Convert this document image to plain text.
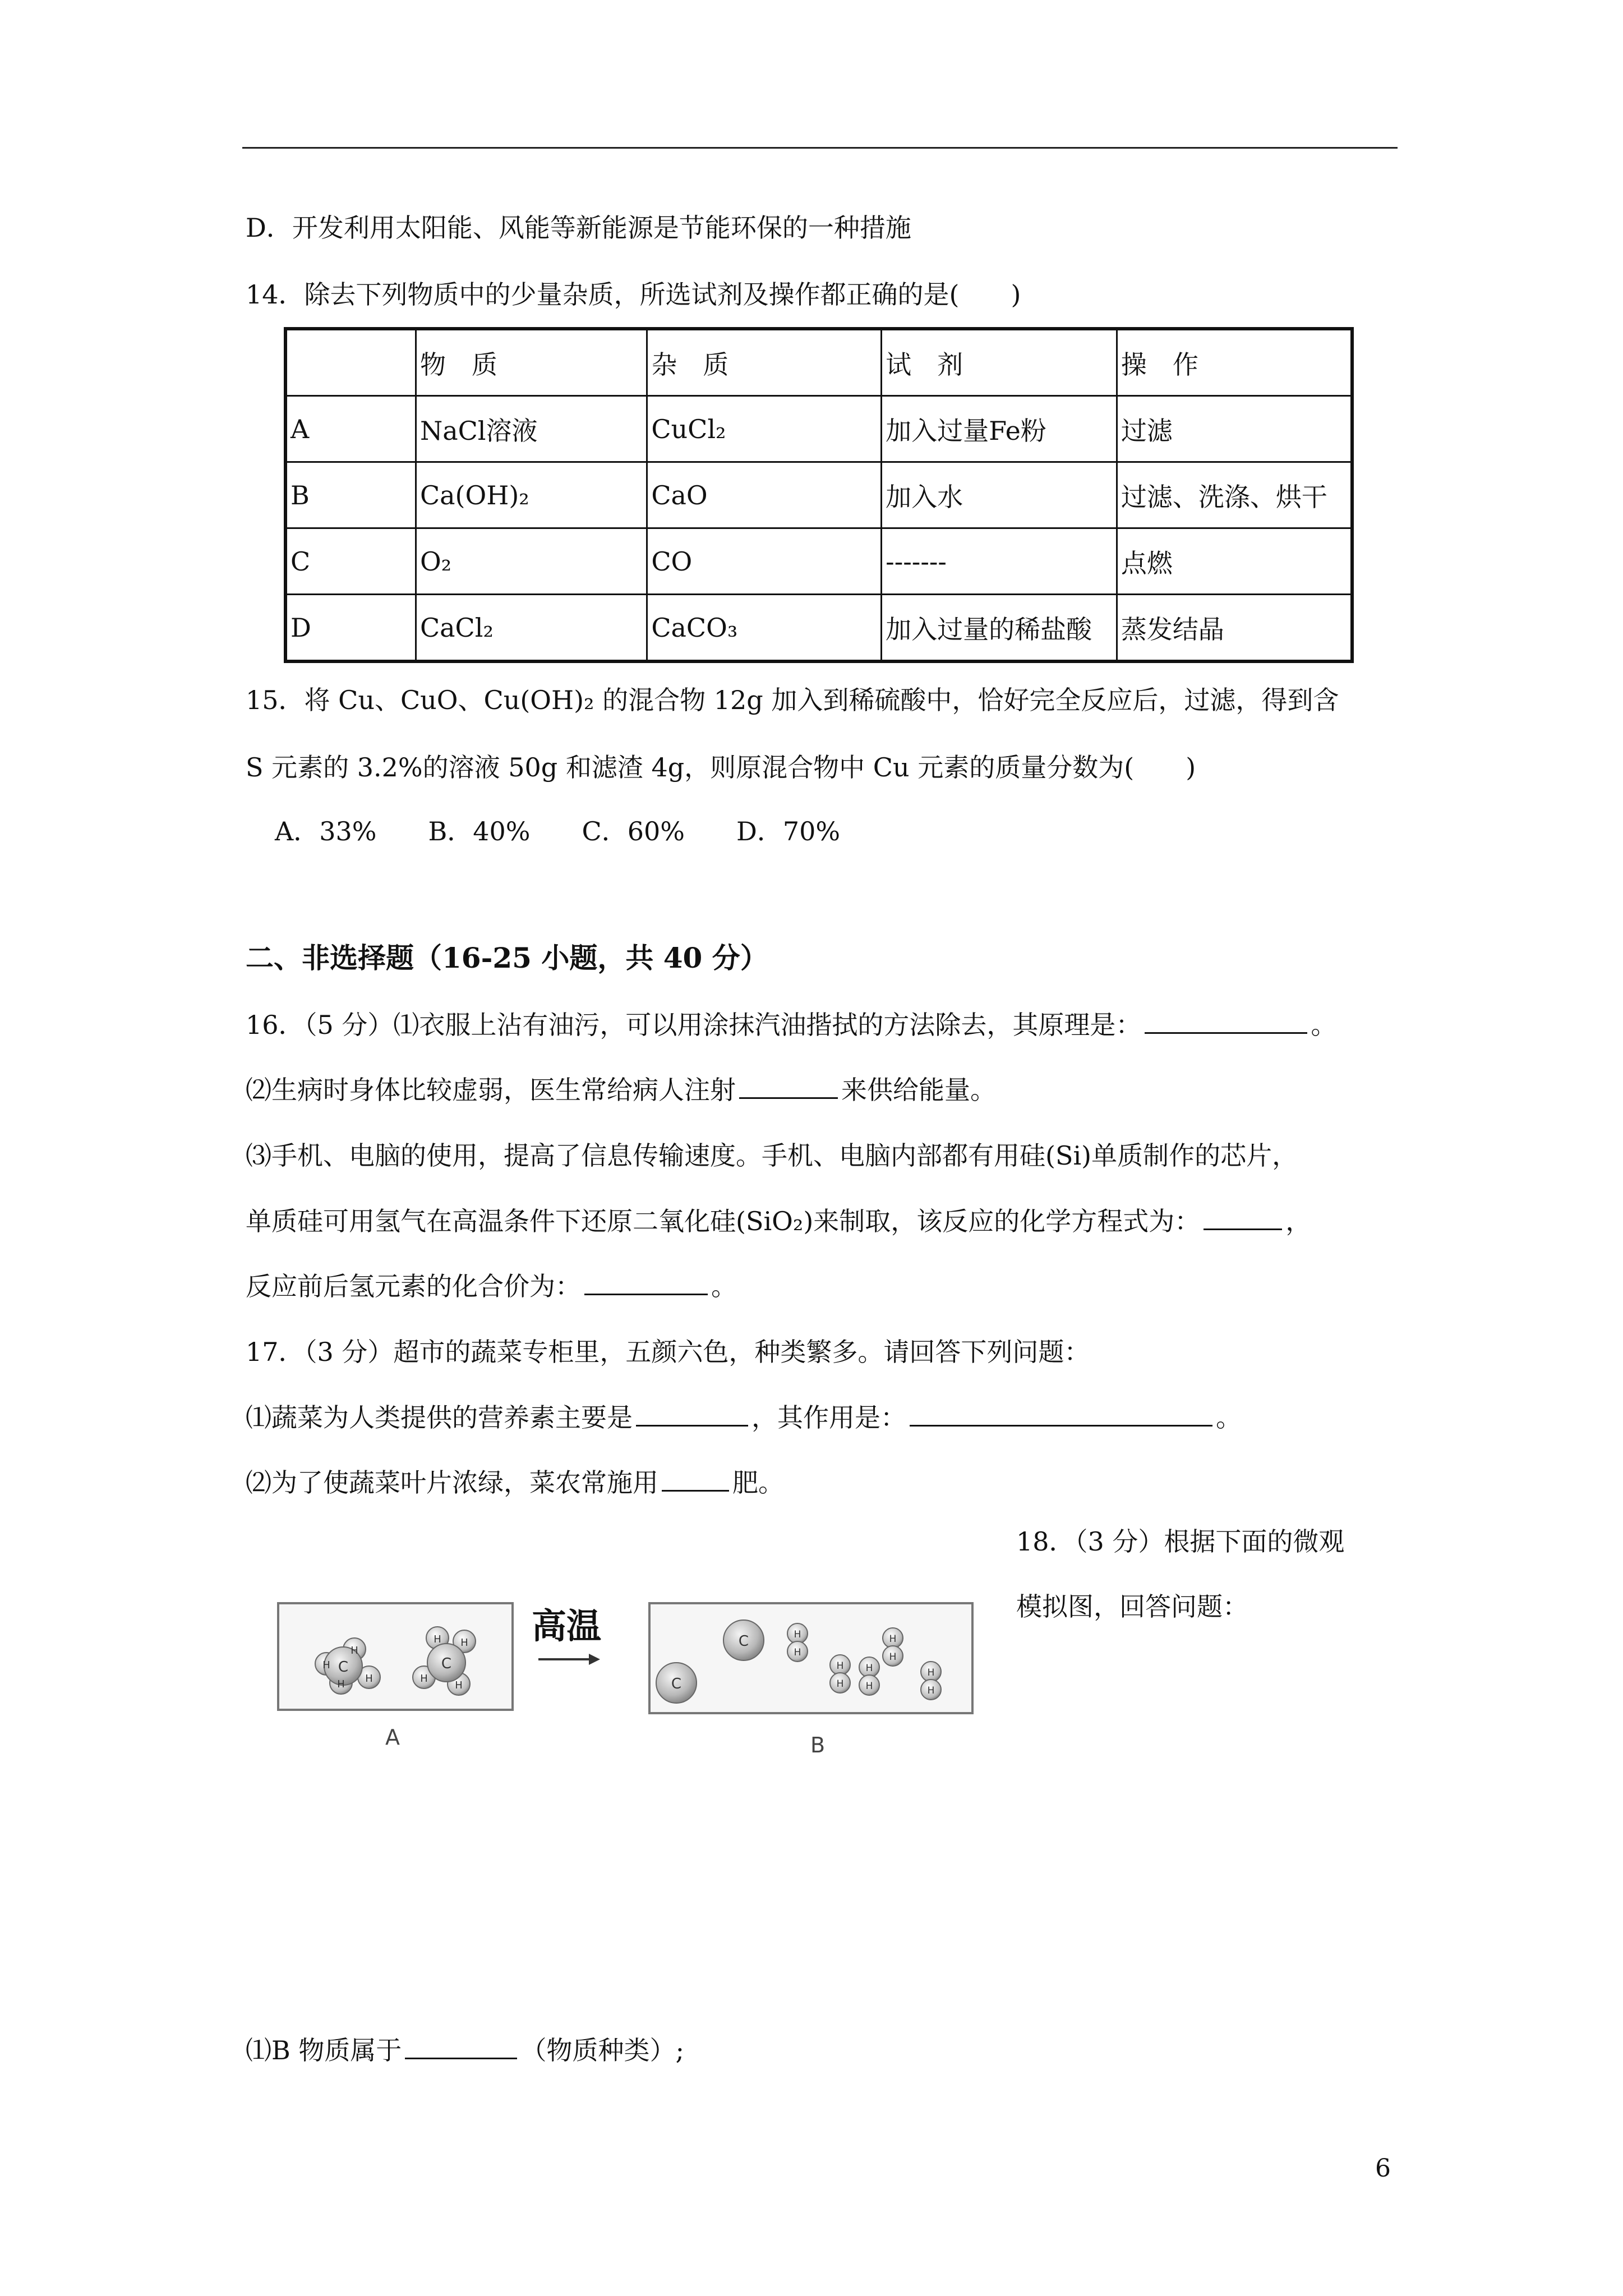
D．开发利用太阳能、风能等新能源是节能环保的一种措施
14．除去下列物质中的少量杂质，所选试剂及操作都正确的是(　　)
	物　质	杂　质	试　剂	操　作
A	NaCl溶液	CuCl₂	加入过量Fe粉	过滤
B	Ca(OH)₂	CaO	加入水	过滤、洗涤、烘干
C	O₂	CO	-------	点燃
D	CaCl₂	CaCO₃	加入过量的稀盐酸	蒸发结晶
15．将 Cu、CuO、Cu(OH)₂ 的混合物 12g 加入到稀硫酸中，恰好完全反应后，过滤，得到含
S 元素的 3.2%的溶液 50g 和滤渣 4g，则原混合物中 Cu 元素的质量分数为(　　)
A．33%　　B．40%　　C．60%　　D．70%
二、非选择题（16-25 小题，共 40 分）
16．（5 分）⑴衣服上沾有油污，可以用涂抹汽油揩拭的方法除去，其原理是：	。
⑵生病时身体比较虚弱，医生常给病人注射	来供给能量。
⑶手机、电脑的使用，提高了信息传输速度。手机、电脑内部都有用硅(Si)单质制作的芯片，
单质硅可用氢气在高温条件下还原二氧化硅(SiO₂)来制取，该反应的化学方程式为：	，
反应前后氢元素的化合价为：	。
17．（3 分）超市的蔬菜专柜里，五颜六色，种类繁多。请回答下列问题：
⑴蔬菜为人类提供的营养素主要是	，其作用是：	。
⑵为了使蔬菜叶片浓绿，菜农常施用	肥。
18．（3 分）根据下面的微观
模拟图，回答问题：
C
H
H
H H
C
H H
H
H
高温
C
C	H
H
H
H
H
H
H
H
H
H
A	B
⑴B 物质属于	（物质种类）;
6
